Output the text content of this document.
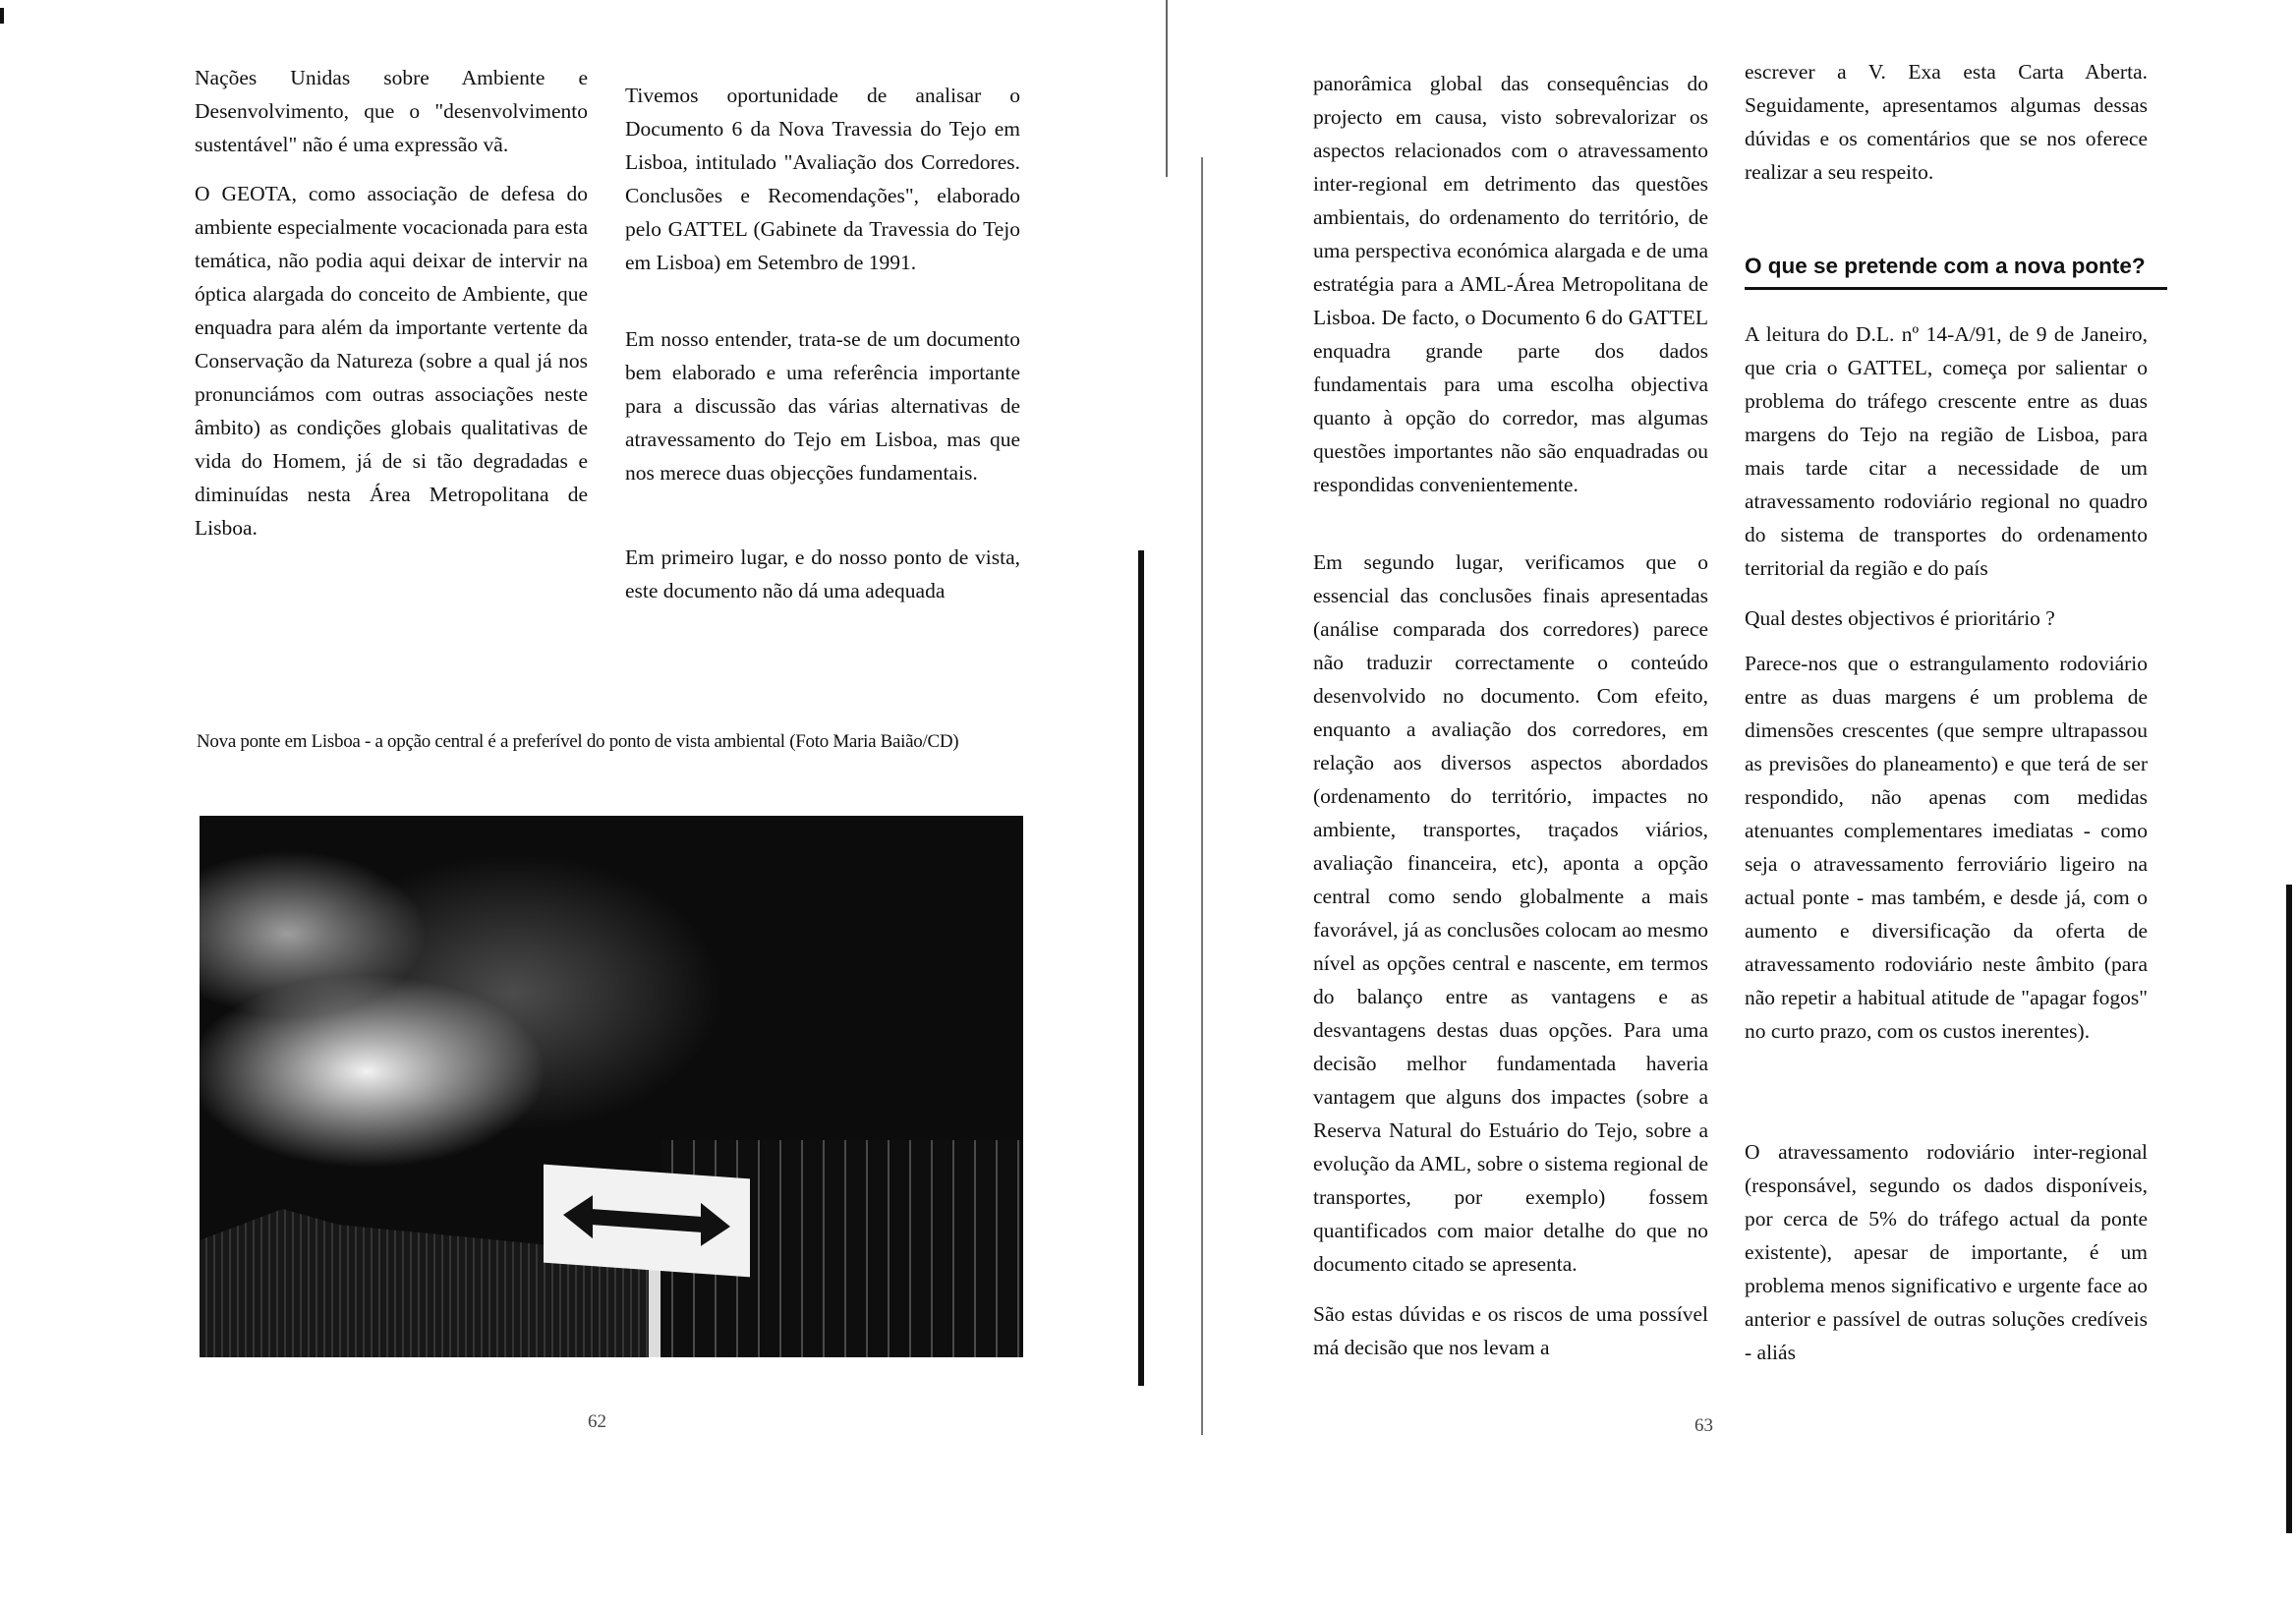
Nações Unidas sobre Ambiente e Desenvolvimento, que o "desenvolvimento sustentável" não é uma expressão vã.

O GEOTA, como associação de defesa do ambiente especialmente vocacionada para esta temática, não podia aqui deixar de intervir na óptica alargada do conceito de Ambiente, que enquadra para além da importante vertente da Conservação da Natureza (sobre a qual já nos pronunciámos com outras associações neste âmbito) as condições globais qualitativas de vida do Homem, já de si tão degradadas e diminuídas nesta Área Metropolitana de Lisboa.

Tivemos oportunidade de analisar o Documento 6 da Nova Travessia do Tejo em Lisboa, intitulado "Avaliação dos Corredores. Conclusões e Recomendações", elaborado pelo GATTEL (Gabinete da Travessia do Tejo em Lisboa) em Setembro de 1991.

Em nosso entender, trata-se de um documento bem elaborado e uma referência importante para a discussão das várias alternativas de atravessamento do Tejo em Lisboa, mas que nos merece duas objecções fundamentais.

Em primeiro lugar, e do nosso ponto de vista, este documento não dá uma adequada

Nova ponte em Lisboa - a opção central é a preferível do ponto de vista ambiental (Foto Maria Baião/CD)

62

panorâmica global das consequências do projecto em causa, visto sobrevalorizar os aspectos relacionados com o atravessamento inter-regional em detrimento das questões ambientais, do ordenamento do território, de uma perspectiva económica alargada e de uma estratégia para a AML-Área Metropolitana de Lisboa. De facto, o Documento 6 do GATTEL enquadra grande parte dos dados fundamentais para uma escolha objectiva quanto à opção do corredor, mas algumas questões importantes não são enquadradas ou respondidas convenientemente.

Em segundo lugar, verificamos que o essencial das conclusões finais apresentadas (análise comparada dos corredores) parece não traduzir correctamente o conteúdo desenvolvido no documento. Com efeito, enquanto a avaliação dos corredores, em relação aos diversos aspectos abordados (ordenamento do território, impactes no ambiente, transportes, traçados viários, avaliação financeira, etc), aponta a opção central como sendo globalmente a mais favorável, já as conclusões colocam ao mesmo nível as opções central e nascente, em termos do balanço entre as vantagens e as desvantagens destas duas opções. Para uma decisão melhor fundamentada haveria vantagem que alguns dos impactes (sobre a Reserva Natural do Estuário do Tejo, sobre a evolução da AML, sobre o sistema regional de transportes, por exemplo) fossem quantificados com maior detalhe do que no documento citado se apresenta.

São estas dúvidas e os riscos de uma possível má decisão que nos levam a

escrever a V. Exa esta Carta Aberta. Seguidamente, apresentamos algumas dessas dúvidas e os comentários que se nos oferece realizar a seu respeito.

O que se pretende com a nova ponte?

A leitura do D.L. nº 14-A/91, de 9 de Janeiro, que cria o GATTEL, começa por salientar o problema do tráfego crescente entre as duas margens do Tejo na região de Lisboa, para mais tarde citar a necessidade de um atravessamento rodoviário regional no quadro do sistema de transportes do ordenamento territorial da região e do país

Qual destes objectivos é prioritário ?

Parece-nos que o estrangulamento rodoviário entre as duas margens é um problema de dimensões crescentes (que sempre ultrapassou as previsões do planeamento) e que terá de ser respondido, não apenas com medidas atenuantes complementares imediatas - como seja o atravessamento ferroviário ligeiro na actual ponte - mas também, e desde já, com o aumento e diversificação da oferta de atravessamento rodoviário neste âmbito (para não repetir a habitual atitude de "apagar fogos" no curto prazo, com os custos inerentes).

O atravessamento rodoviário inter-regional (responsável, segundo os dados disponíveis, por cerca de 5% do tráfego actual da ponte existente), apesar de importante, é um problema menos significativo e urgente face ao anterior e passível de outras soluções credíveis - aliás

63
